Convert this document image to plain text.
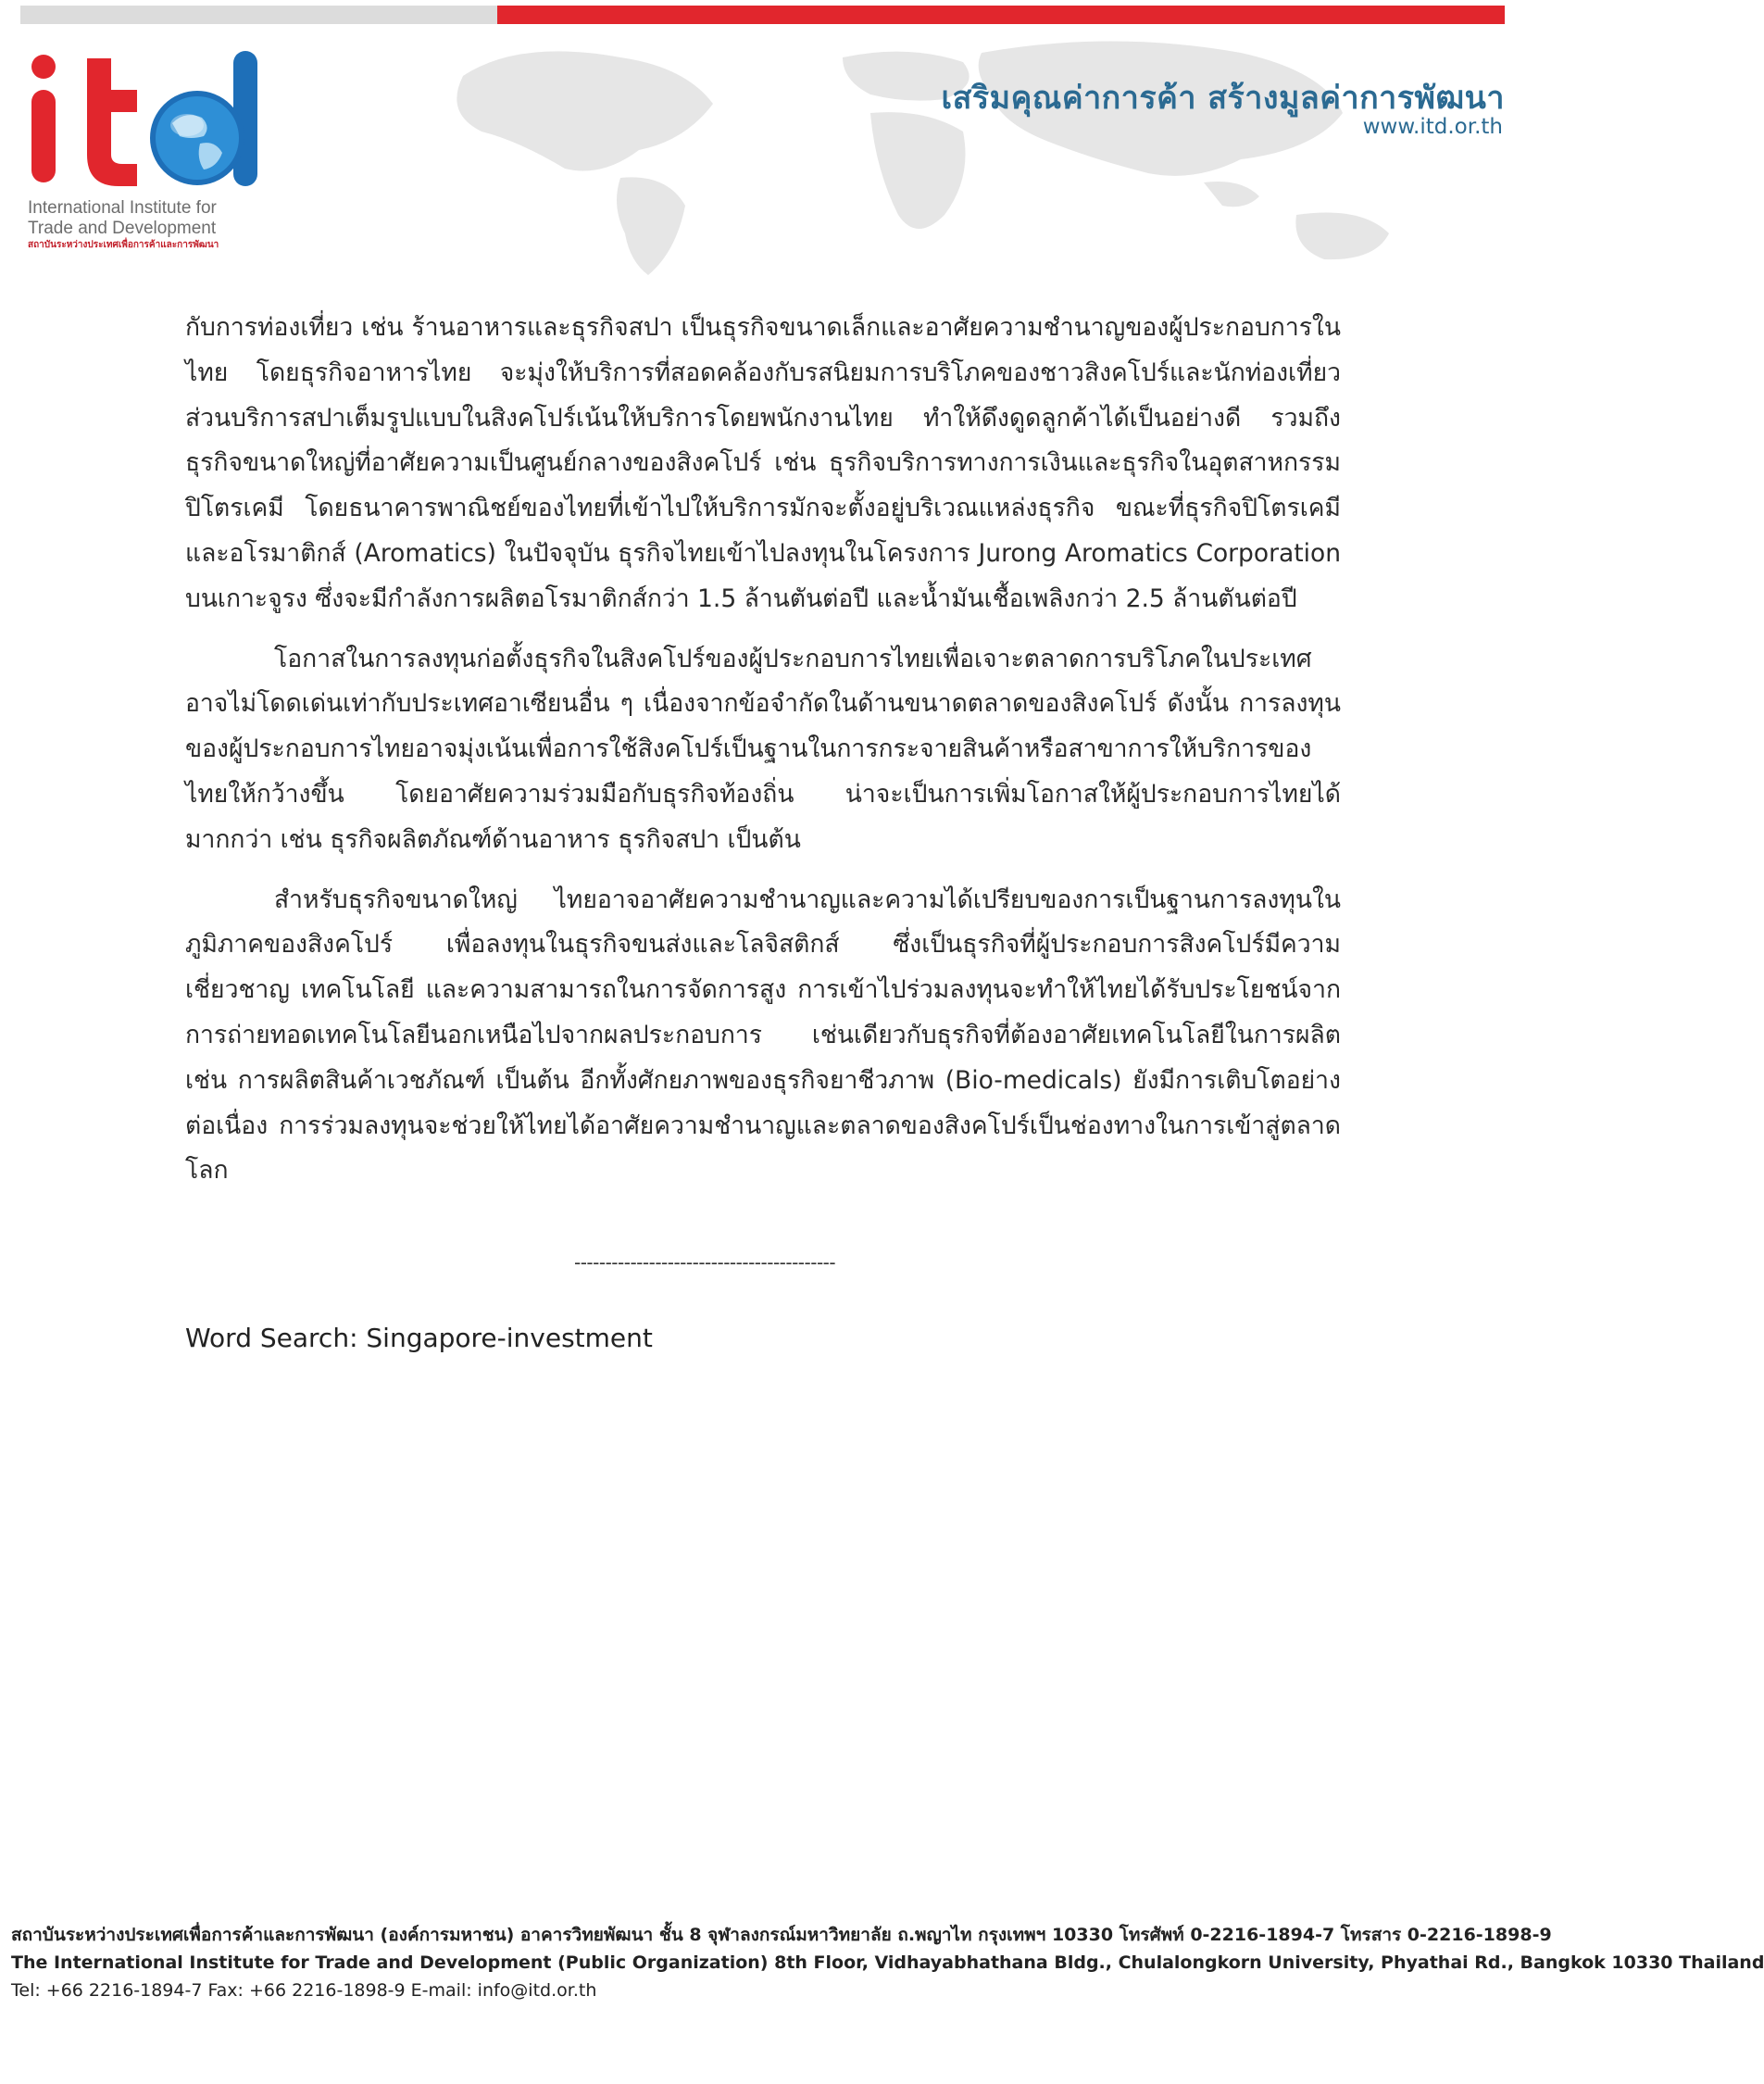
International Institute for
Trade and Development
สถาบันระหว่างประเทศเพื่อการค้าและการพัฒนา
เสริมคุณค่าการค้า สร้างมูลค่าการพัฒนา
www.itd.or.th

กับการท่องเที่ยว เช่น ร้านอาหารและธุรกิจสปา เป็นธุรกิจขนาดเล็กและอาศัยความชำนาญของผู้ประกอบการในไทย โดยธุรกิจอาหารไทย จะมุ่งให้บริการที่สอดคล้องกับรสนิยมการบริโภคของชาวสิงคโปร์และนักท่องเที่ยว ส่วนบริการสปาเต็มรูปแบบในสิงคโปร์เน้นให้บริการโดยพนักงานไทย ทำให้ดึงดูดลูกค้าได้เป็นอย่างดี รวมถึงธุรกิจขนาดใหญ่ที่อาศัยความเป็นศูนย์กลางของสิงคโปร์ เช่น ธุรกิจบริการทางการเงินและธุรกิจในอุตสาหกรรมปิโตรเคมี โดยธนาคารพาณิชย์ของไทยที่เข้าไปให้บริการมักจะตั้งอยู่บริเวณแหล่งธุรกิจ ขณะที่ธุรกิจปิโตรเคมีและอโรมาติกส์ (Aromatics) ในปัจจุบัน ธุรกิจไทยเข้าไปลงทุนในโครงการ Jurong Aromatics Corporation บนเกาะจูรง ซึ่งจะมีกำลังการผลิตอโรมาติกส์กว่า 1.5 ล้านตันต่อปี และน้ำมันเชื้อเพลิงกว่า 2.5 ล้านตันต่อปี

โอกาสในการลงทุนก่อตั้งธุรกิจในสิงคโปร์ของผู้ประกอบการไทยเพื่อเจาะตลาดการบริโภคในประเทศอาจไม่โดดเด่นเท่ากับประเทศอาเซียนอื่น ๆ เนื่องจากข้อจำกัดในด้านขนาดตลาดของสิงคโปร์ ดังนั้น การลงทุนของผู้ประกอบการไทยอาจมุ่งเน้นเพื่อการใช้สิงคโปร์เป็นฐานในการกระจายสินค้าหรือสาขาการให้บริการของไทยให้กว้างขึ้น โดยอาศัยความร่วมมือกับธุรกิจท้องถิ่น น่าจะเป็นการเพิ่มโอกาสให้ผู้ประกอบการไทยได้มากกว่า เช่น ธุรกิจผลิตภัณฑ์ด้านอาหาร ธุรกิจสปา เป็นต้น

สำหรับธุรกิจขนาดใหญ่ ไทยอาจอาศัยความชำนาญและความได้เปรียบของการเป็นฐานการลงทุนในภูมิภาคของสิงคโปร์ เพื่อลงทุนในธุรกิจขนส่งและโลจิสติกส์ ซึ่งเป็นธุรกิจที่ผู้ประกอบการสิงคโปร์มีความเชี่ยวชาญ เทคโนโลยี และความสามารถในการจัดการสูง การเข้าไปร่วมลงทุนจะทำให้ไทยได้รับประโยชน์จากการถ่ายทอดเทคโนโลยีนอกเหนือไปจากผลประกอบการ เช่นเดียวกับธุรกิจที่ต้องอาศัยเทคโนโลยีในการผลิต เช่น การผลิตสินค้าเวชภัณฑ์ เป็นต้น อีกทั้งศักยภาพของธุรกิจยาชีวภาพ (Bio-medicals) ยังมีการเติบโตอย่างต่อเนื่อง การร่วมลงทุนจะช่วยให้ไทยได้อาศัยความชำนาญและตลาดของสิงคโปร์เป็นช่องทางในการเข้าสู่ตลาดโลก

------------------------------------------
Word Search: Singapore-investment
สถาบันระหว่างประเทศเพื่อการค้าและการพัฒนา (องค์การมหาชน) อาคารวิทยพัฒนา ชั้น 8 จุฬาลงกรณ์มหาวิทยาลัย ถ.พญาไท กรุงเทพฯ 10330 โทรศัพท์ 0-2216-1894-7 โทรสาร 0-2216-1898-9
The International Institute for Trade and Development (Public Organization) 8th Floor, Vidhayabhathana Bldg., Chulalongkorn University, Phyathai Rd., Bangkok 10330 Thailand
Tel: +66 2216-1894-7 Fax: +66 2216-1898-9 E-mail: info@itd.or.th
